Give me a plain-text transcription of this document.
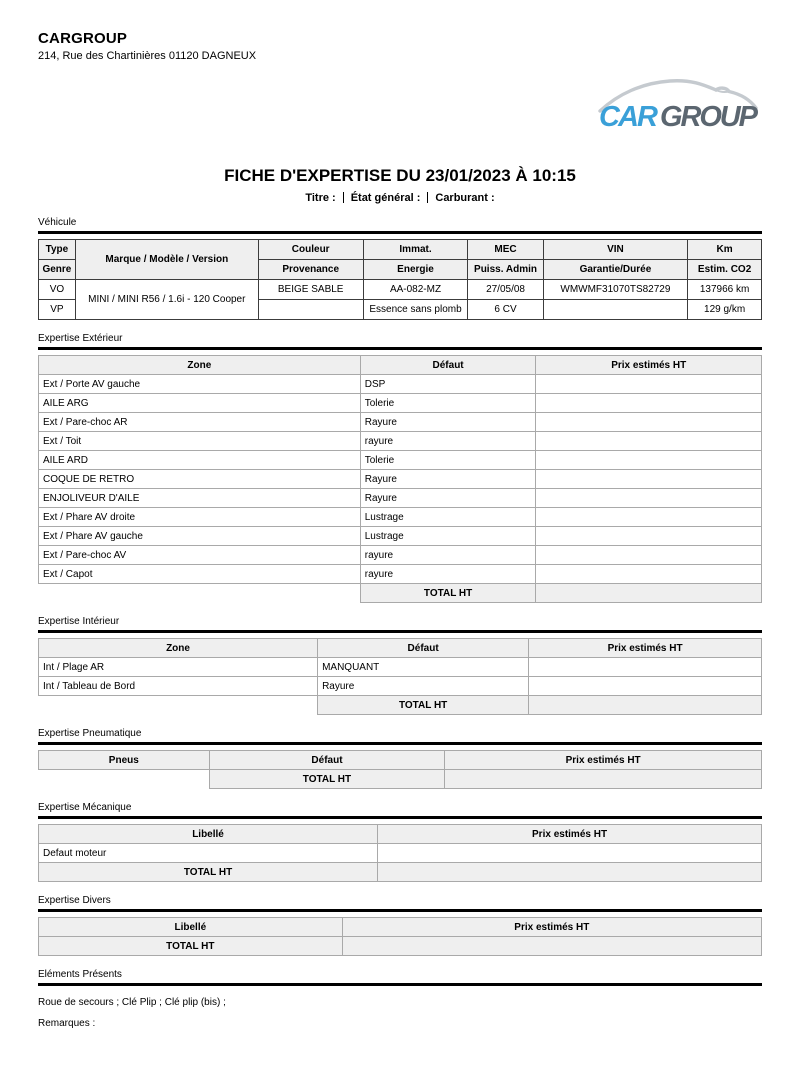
CARGROUP
214, Rue des Chartinières 01120 DAGNEUX
CAR GROUP
FICHE D'EXPERTISE DU 23/01/2023 À 10:15
Titre : État général : Carburant :
Véhicule
Type	Marque / Modèle / Version	Couleur	Immat.	MEC	VIN	Km
Genre		Provenance	Energie	Puiss. Admin	Garantie/Durée	Estim. CO2
VO	MINI / MINI R56 / 1.6i - 120 Cooper	BEIGE SABLE	AA-082-MZ	27/05/08	WMWMF31070TS82729	137966 km
VP			Essence sans plomb	6 CV		129 g/km
Expertise Extérieur
Zone	Défaut	Prix estimés HT
Ext / Porte AV gauche	DSP	
AILE ARG	Tolerie	
Ext / Pare-choc AR	Rayure	
Ext / Toit	rayure	
AILE ARD	Tolerie	
COQUE DE RETRO	Rayure	
ENJOLIVEUR D'AILE	Rayure	
Ext / Phare AV droite	Lustrage	
Ext / Phare AV gauche	Lustrage	
Ext / Pare-choc AV	rayure	
Ext / Capot	rayure	
	TOTAL HT	
Expertise Intérieur
Zone	Défaut	Prix estimés HT
Int / Plage AR	MANQUANT	
Int / Tableau de Bord	Rayure	
	TOTAL HT	
Expertise Pneumatique
Pneus	Défaut	Prix estimés HT
	TOTAL HT	
Expertise Mécanique
Libellé	Prix estimés HT
Defaut moteur	
TOTAL HT	
Expertise Divers
Libellé	Prix estimés HT
TOTAL HT	
Eléments Présents
Roue de secours ; Clé Plip ; Clé plip (bis) ;
Remarques :
